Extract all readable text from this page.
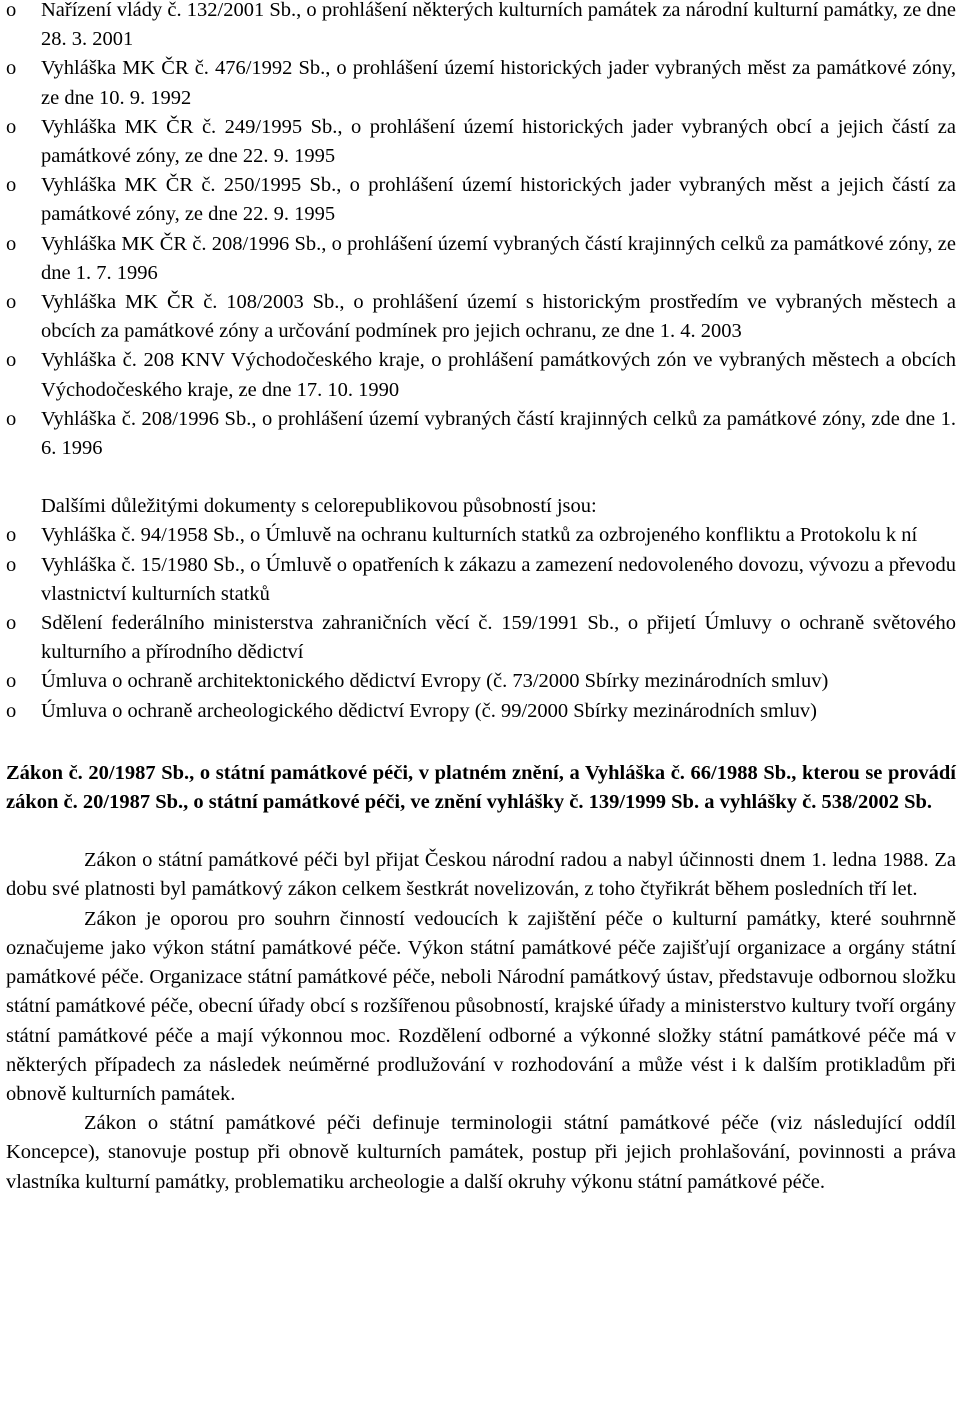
o Nařízení vlády č. 132/2001 Sb., o prohlášení některých kulturních památek za národní kulturní památky, ze dne 28. 3. 2001
o Vyhláška MK ČR č. 476/1992 Sb., o prohlášení území historických jader vybraných měst za památkové zóny, ze dne 10. 9. 1992
o Vyhláška MK ČR č. 249/1995 Sb., o prohlášení území historických jader vybraných obcí a jejich částí za památkové zóny, ze dne 22. 9. 1995
o Vyhláška MK ČR č. 250/1995 Sb., o prohlášení území historických jader vybraných měst a jejich částí za památkové zóny, ze dne 22. 9. 1995
o Vyhláška MK ČR č. 208/1996 Sb., o prohlášení území vybraných částí krajinných celků za památkové zóny, ze dne 1. 7. 1996
o Vyhláška MK ČR č. 108/2003 Sb., o prohlášení území s historickým prostředím ve vybraných městech a obcích za památkové zóny a určování podmínek pro jejich ochranu, ze dne 1. 4. 2003
o Vyhláška č. 208 KNV Východočeského kraje, o prohlášení památkových zón ve vybraných městech a obcích Východočeského kraje, ze dne 17. 10. 1990
o Vyhláška č. 208/1996 Sb., o prohlášení území vybraných částí krajinných celků za památkové zóny, zde dne 1. 6. 1996
Dalšími důležitými dokumenty s celorepublikovou působností jsou:
o Vyhláška č. 94/1958 Sb., o Úmluvě na ochranu kulturních statků za ozbrojeného konfliktu a Protokolu k ní
o Vyhláška č. 15/1980 Sb., o Úmluvě o opatřeních k zákazu a zamezení nedovoleného dovozu, vývozu a převodu vlastnictví kulturních statků
o Sdělení federálního ministerstva zahraničních věcí č. 159/1991 Sb., o přijetí Úmluvy o ochraně světového kulturního a přírodního dědictví
o Úmluva o ochraně architektonického dědictví Evropy (č. 73/2000 Sbírky mezinárodních smluv)
o Úmluva o ochraně archeologického dědictví Evropy (č. 99/2000 Sbírky mezinárodních smluv)
Zákon č. 20/1987 Sb., o státní památkové péči, v platném znění, a Vyhláška č. 66/1988 Sb., kterou se provádí zákon č. 20/1987 Sb., o státní památkové péči, ve znění vyhlášky č. 139/1999 Sb. a vyhlášky č. 538/2002 Sb.

Zákon o státní památkové péči byl přijat Českou národní radou a nabyl účinnosti dnem 1. ledna 1988. Za dobu své platnosti byl památkový zákon celkem šestkrát novelizován, z toho čtyřikrát během posledních tří let.

Zákon je oporou pro souhrn činností vedoucích k zajištění péče o kulturní památky, které souhrnně označujeme jako výkon státní památkové péče. Výkon státní památkové péče zajišťují organizace a orgány státní památkové péče. Organizace státní památkové péče, neboli Národní památkový ústav, představuje odbornou složku státní památkové péče, obecní úřady obcí s rozšířenou působností, krajské úřady a ministerstvo kultury tvoří orgány státní památkové péče a mají výkonnou moc. Rozdělení odborné a výkonné složky státní památkové péče má v některých případech za následek neúměrné prodlužování v rozhodování a může vést i k dalším protikladům při obnově kulturních památek.

Zákon o státní památkové péči definuje terminologii státní památkové péče (viz následující oddíl Koncepce), stanovuje postup při obnově kulturních památek, postup při jejich prohlašování, povinnosti a práva vlastníka kulturní památky, problematiku archeologie a další okruhy výkonu státní památkové péče.
